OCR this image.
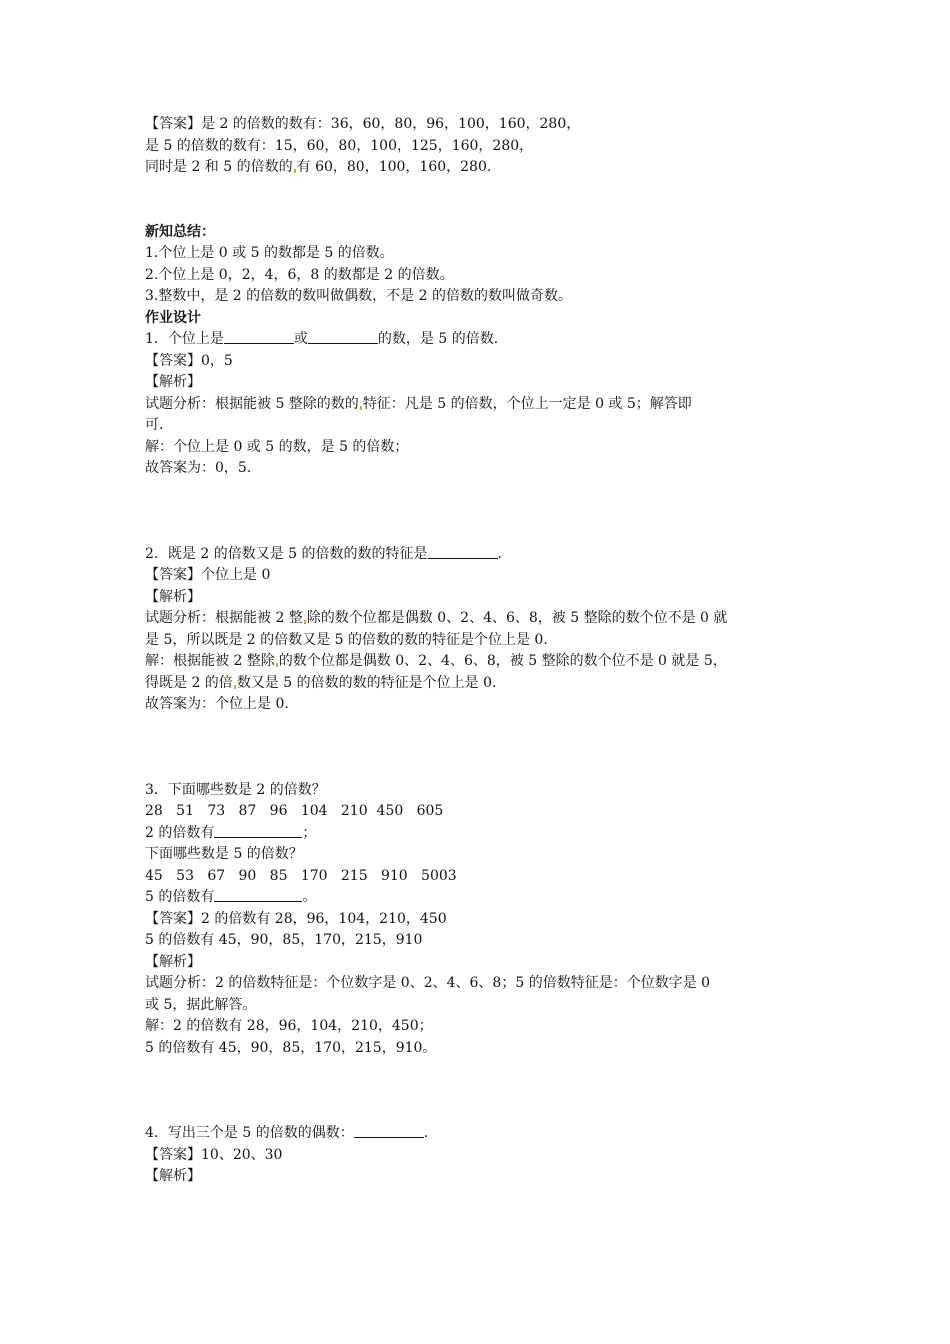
【答案】是 2 的倍数的数有：36，60，80，96，100，160，280，
是 5 的倍数的数有：15，60，80，100，125，160，280，
同时是 2 和 5 的倍数的 有 60，80，100，160，280.
新知总结：
1.个位上是 0 或 5 的数都是 5 的倍数。
2.个位上是 0，2，4，6，8 的数都是 2 的倍数。
3.整数中，是 2 的倍数的数叫做偶数，不是 2 的倍数的数叫做奇数。
作业设计
1．个位上是	或	的数，是 5 的倍数.
【答案】0，5
【解析】
试题分析：根据能被 5 整除的数的 特征：凡是 5 的倍数，个位上一定是 0 或 5；解答即
可.
解：个位上是 0 或 5 的数，是 5 的倍数；
故答案为：0，5.
2．既是 2 的倍数又是 5 的倍数的数的特征是	.
【答案】个位上是 0
【解析】
试题分析：根据能被 2 整 除的数个位都是偶数 0、2、4、6、8，被 5 整除的数个位不是 0 就
是 5，所以既是 2 的倍数又是 5 的倍数的数的特征是个位上是 0.
解：根据能被 2 整除 的数个位都是偶数 0、2、4、6、8，被 5 整除的数个位不是 0 就是 5，
得既是 2 的倍 数又是 5 的倍数的数的特征是个位上是 0.
故答案为：个位上是 0.
3．下面哪些数是 2 的倍数？
28   51   73   87   96   104   210  450   605
2 的倍数有	；
下面哪些数是 5 的倍数？
45   53   67   90   85   170   215   910   5003
5 的倍数有	。
【答案】2 的倍数有 28，96，104，210，450
5 的倍数有 45，90，85，170，215，910
【解析】
试题分析：2 的倍数特征是：个位数字是 0、2、4、6、8；5 的倍数特征是：个位数字是 0
或 5，据此解答。
解：2 的倍数有 28，96，104，210，450；
5 的倍数有 45，90，85，170，215，910。
4．写出三个是 5 的倍数的偶数：	.
【答案】10、20、30
【解析】
